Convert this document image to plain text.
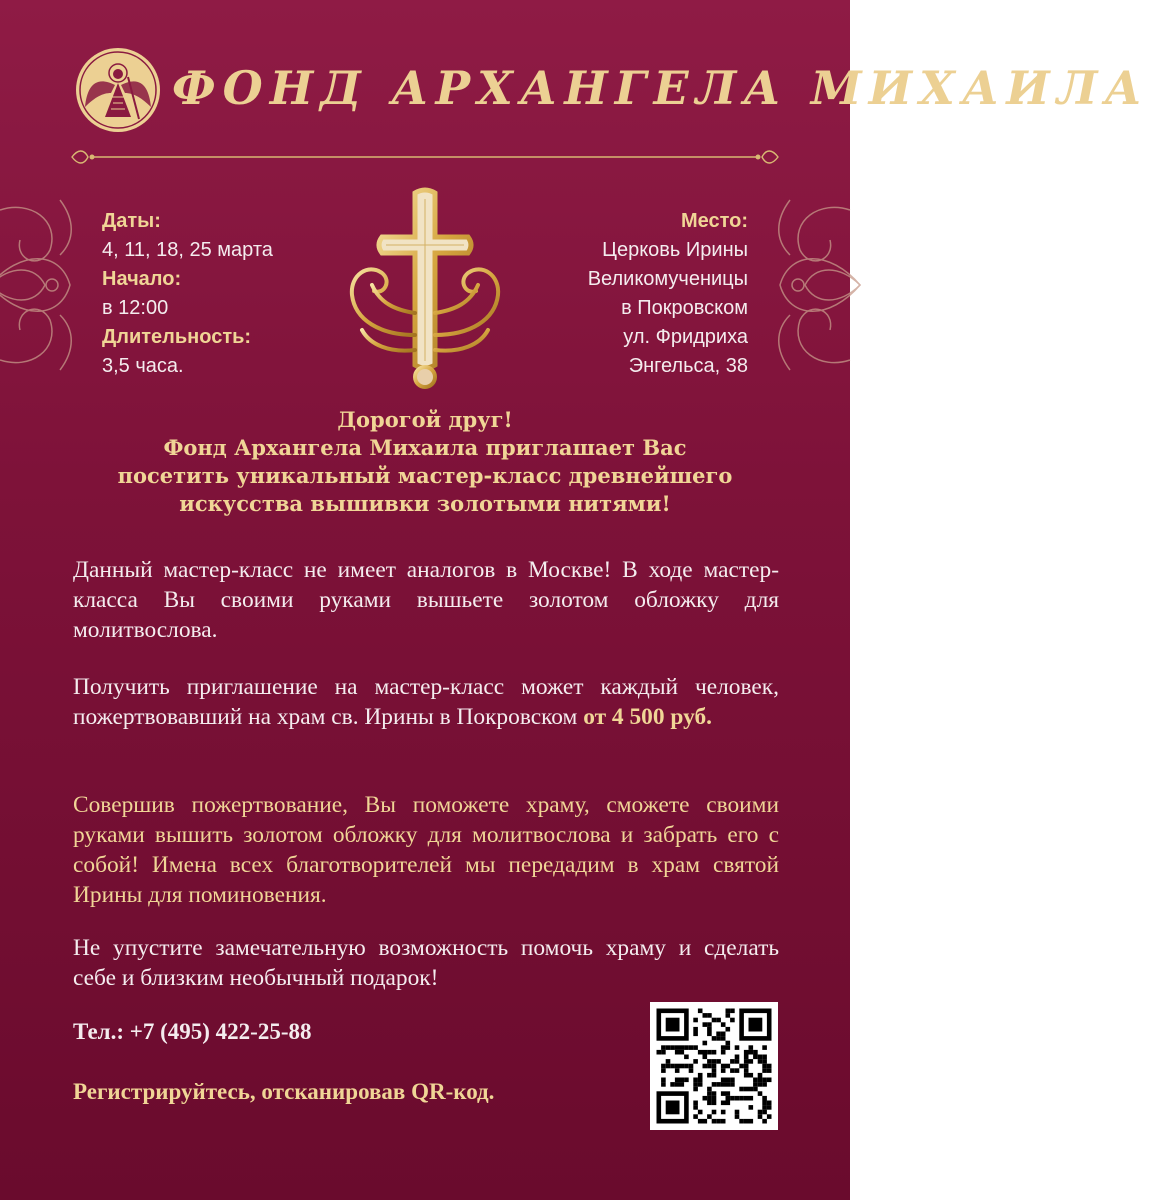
ФОНД АРХАНГЕЛА МИХАИЛА
Даты:
4, 11, 18, 25 марта
Начало:
в 12:00
Длительность:
3,5 часа.
Место:
Церковь Ирины
Великомученицы
в Покровском
ул. Фридриха
Энгельса, 38
Дорогой друг!
Фонд Архангела Михаила приглашает Вас
посетить уникальный мастер-класс древнейшего
искусства вышивки золотыми нитями!
Данный мастер-класс не имеет аналогов в Москве! В ходе мастер-класса Вы своими руками вышьете золотом обложку для молитвослова.
Получить приглашение на мастер-класс может каждый человек, пожертвовавший на храм св. Ирины в Покровском от 4 500 руб.
Совершив пожертвование, Вы поможете храму, сможете своими руками вышить золотом обложку для молитвослова и забрать его с собой! Имена всех благотворителей мы передадим в храм святой Ирины для поминовения.
Не упустите замечательную возможность помочь храму и сделать себе и близким необычный подарок!
Тел.: +7 (495) 422-25-88
Регистрируйтесь, отсканировав QR-код.
